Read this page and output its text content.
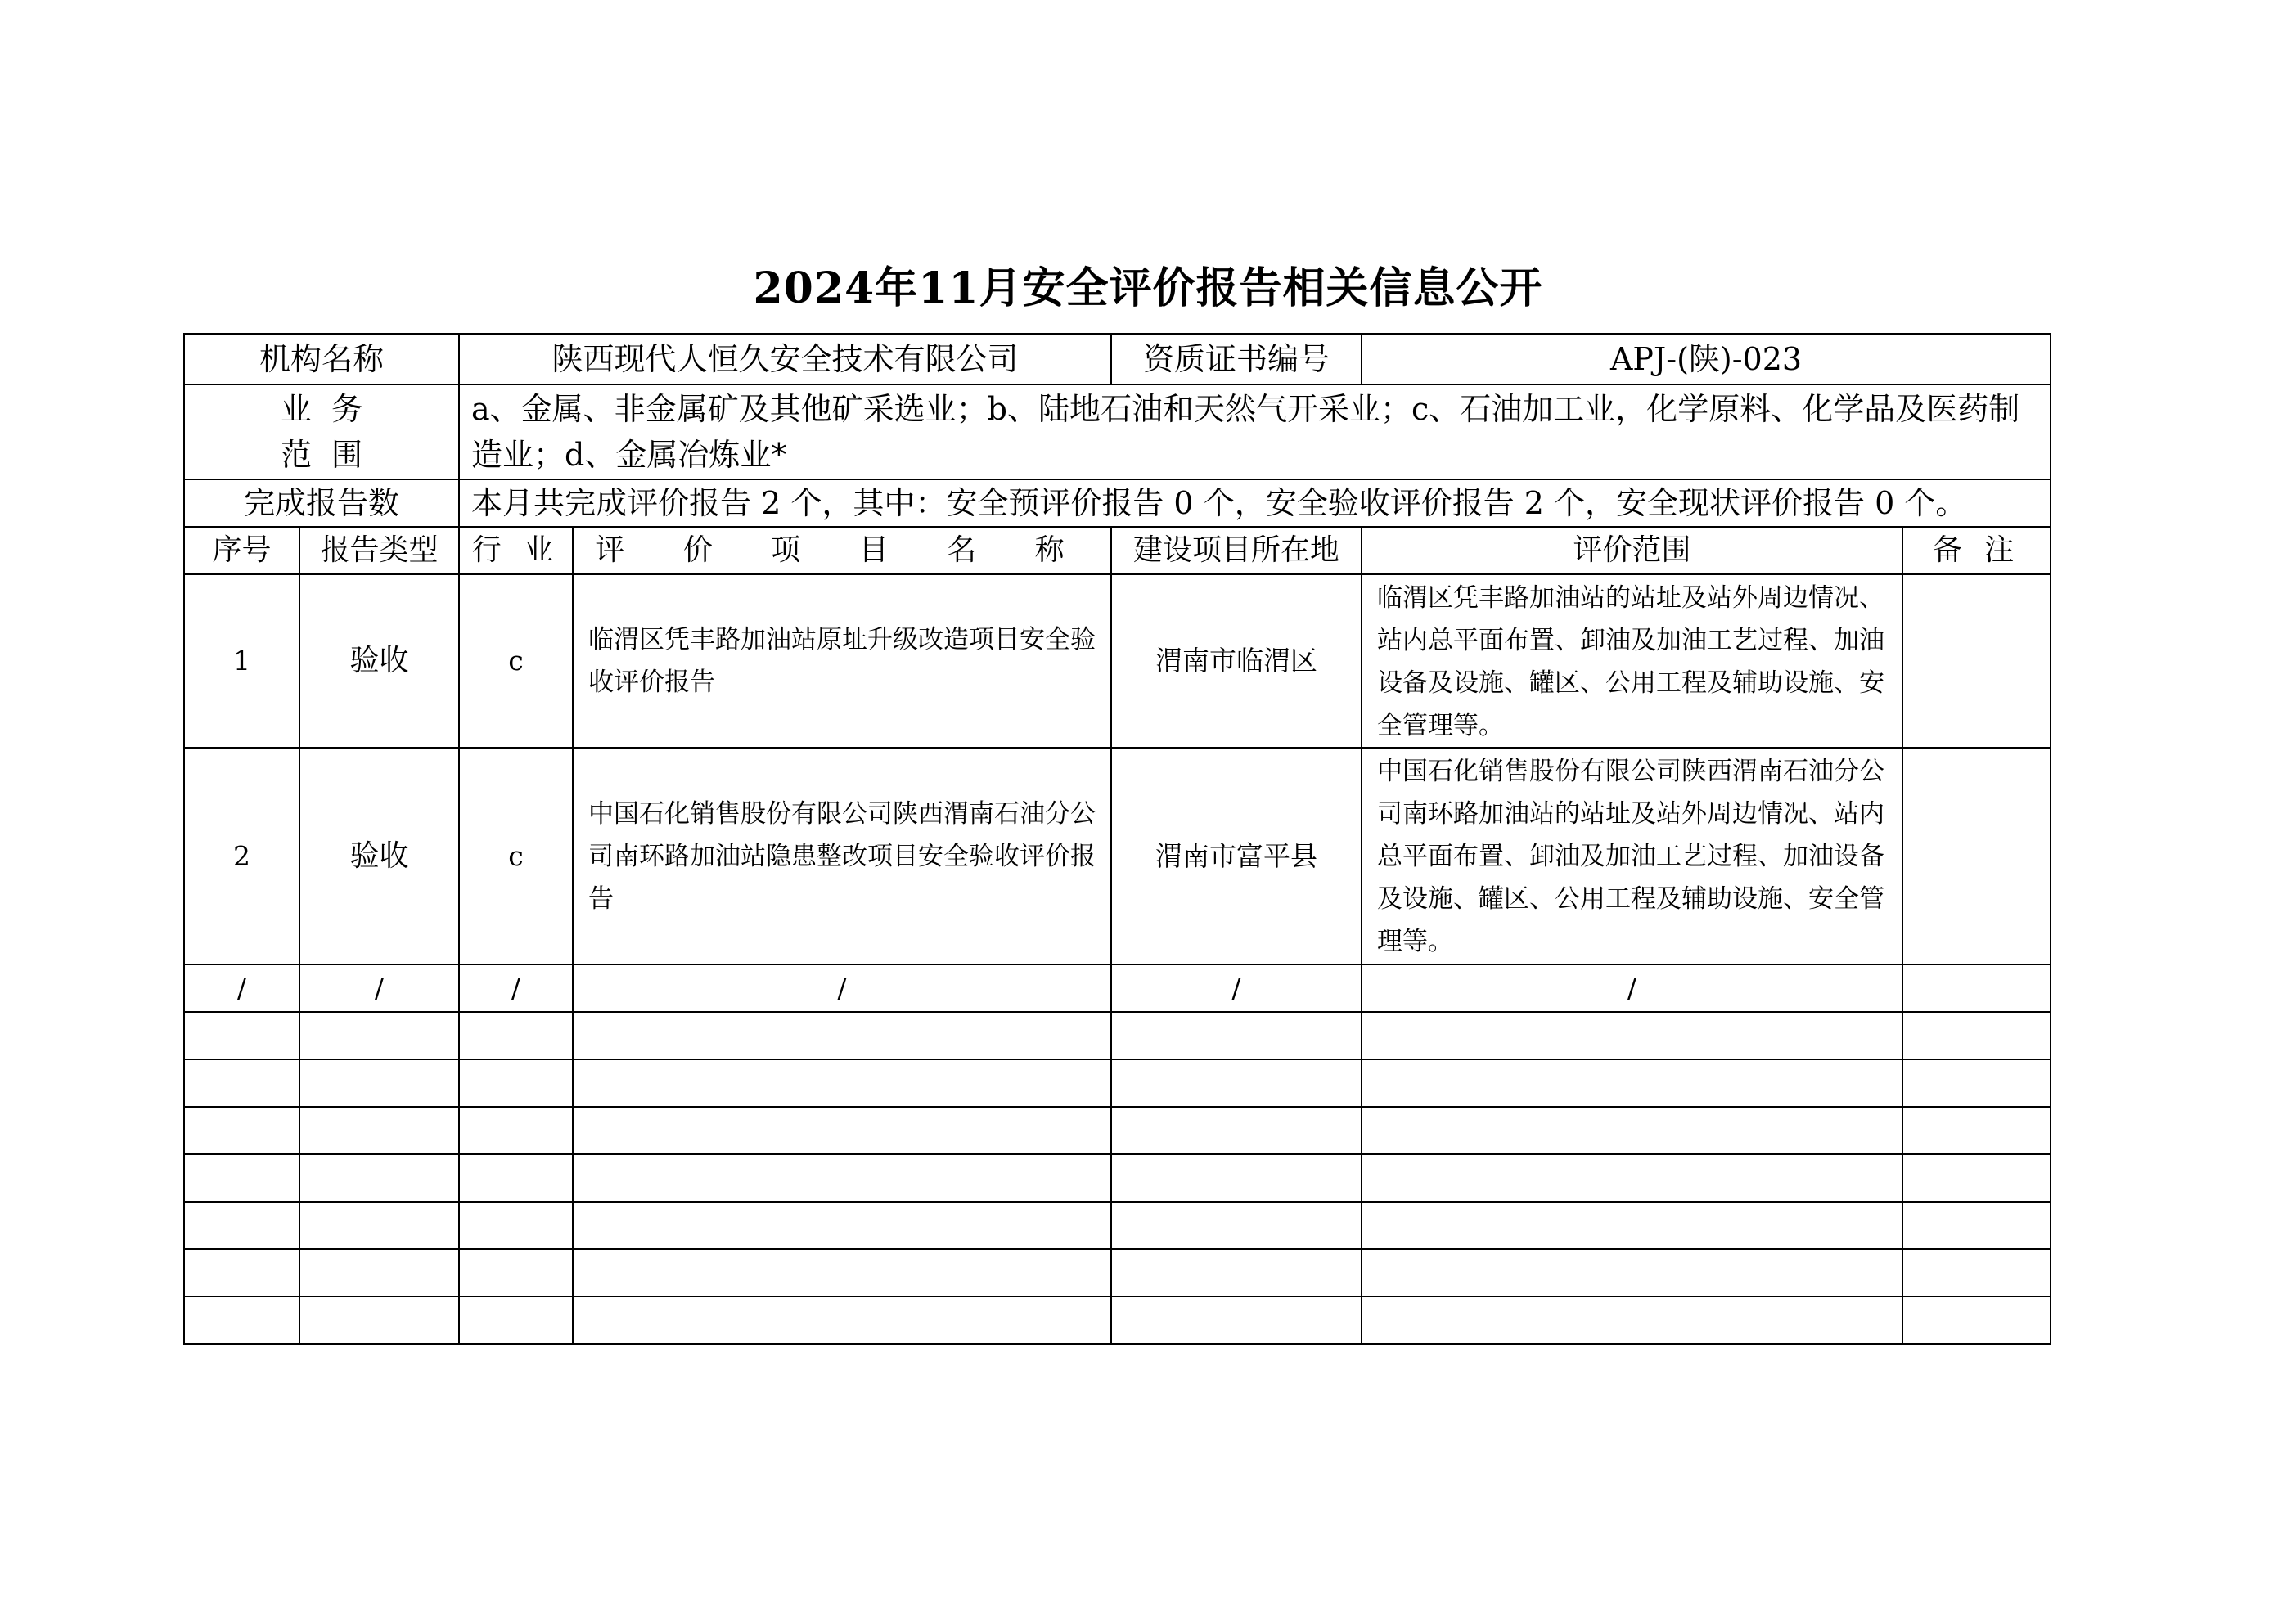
2024年11月安全评价报告相关信息公开
机构名称		陕西现代人恒久安全技术有限公司		资质证书编号	APJ-(陕)-023	

业务
范围		a、金属、非金属矿及其他矿采选业；b、陆地石油和天然气开采业；c、石油加工业，化学原料、化学品及医药制造业；d、金属冶炼业*				
完成报告数		本月共完成评价报告 2 个，其中：安全预评价报告 0 个，安全验收评价报告 2 个，安全现状评价报告 0 个。				
序号	报告类型	行 业	评 价 项 目 名 称	建设项目所在地	评价范围	备 注
1	验收	c	临渭区凭丰路加油站原址升级改造项目安全验收评价报告	渭南市临渭区	临渭区凭丰路加油站的站址及站外周边情况、站内总平面布置、卸油及加油工艺过程、加油设备及设施、罐区、公用工程及辅助设施、安全管理等。	
2	验收	c	中国石化销售股份有限公司陕西渭南石油分公司南环路加油站隐患整改项目安全验收评价报告	渭南市富平县	中国石化销售股份有限公司陕西渭南石油分公司南环路加油站的站址及站外周边情况、站内总平面布置、卸油及加油工艺过程、加油设备及设施、罐区、公用工程及辅助设施、安全管理等。	
/	/	/	/	/	/	
